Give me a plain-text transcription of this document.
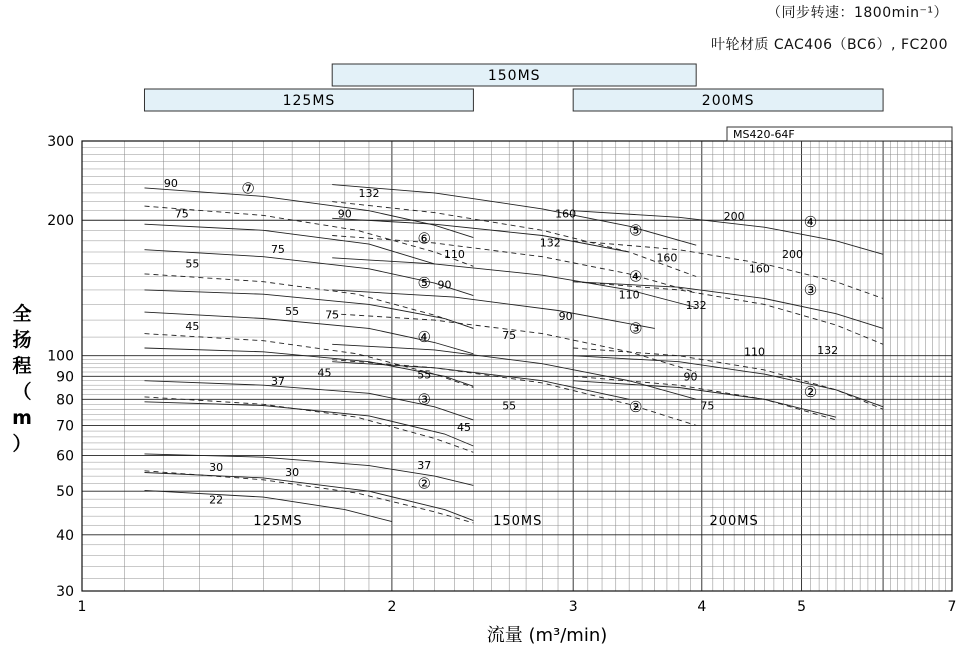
（同步转速：1800min⁻¹）
叶轮材质 CAC406（BC6）, FC200
125MS
150MS
200MS
MS420-64F
37
30
22
30
55
45
37
75
55
45
90
75
55
90
90
75
132
132
160
110
110
75
45
160
90
55
200
132
110
75
200
160
132
90
⑦
⑥
⑤
④
③
②
⑤
④
③
②
④
③
②
125MS	150MS	200MS
1	2	3	4	5	7
300
200
100
90
80
70
60
50
40
30
流量 (m³/min)
全
扬
程
（
m
）
